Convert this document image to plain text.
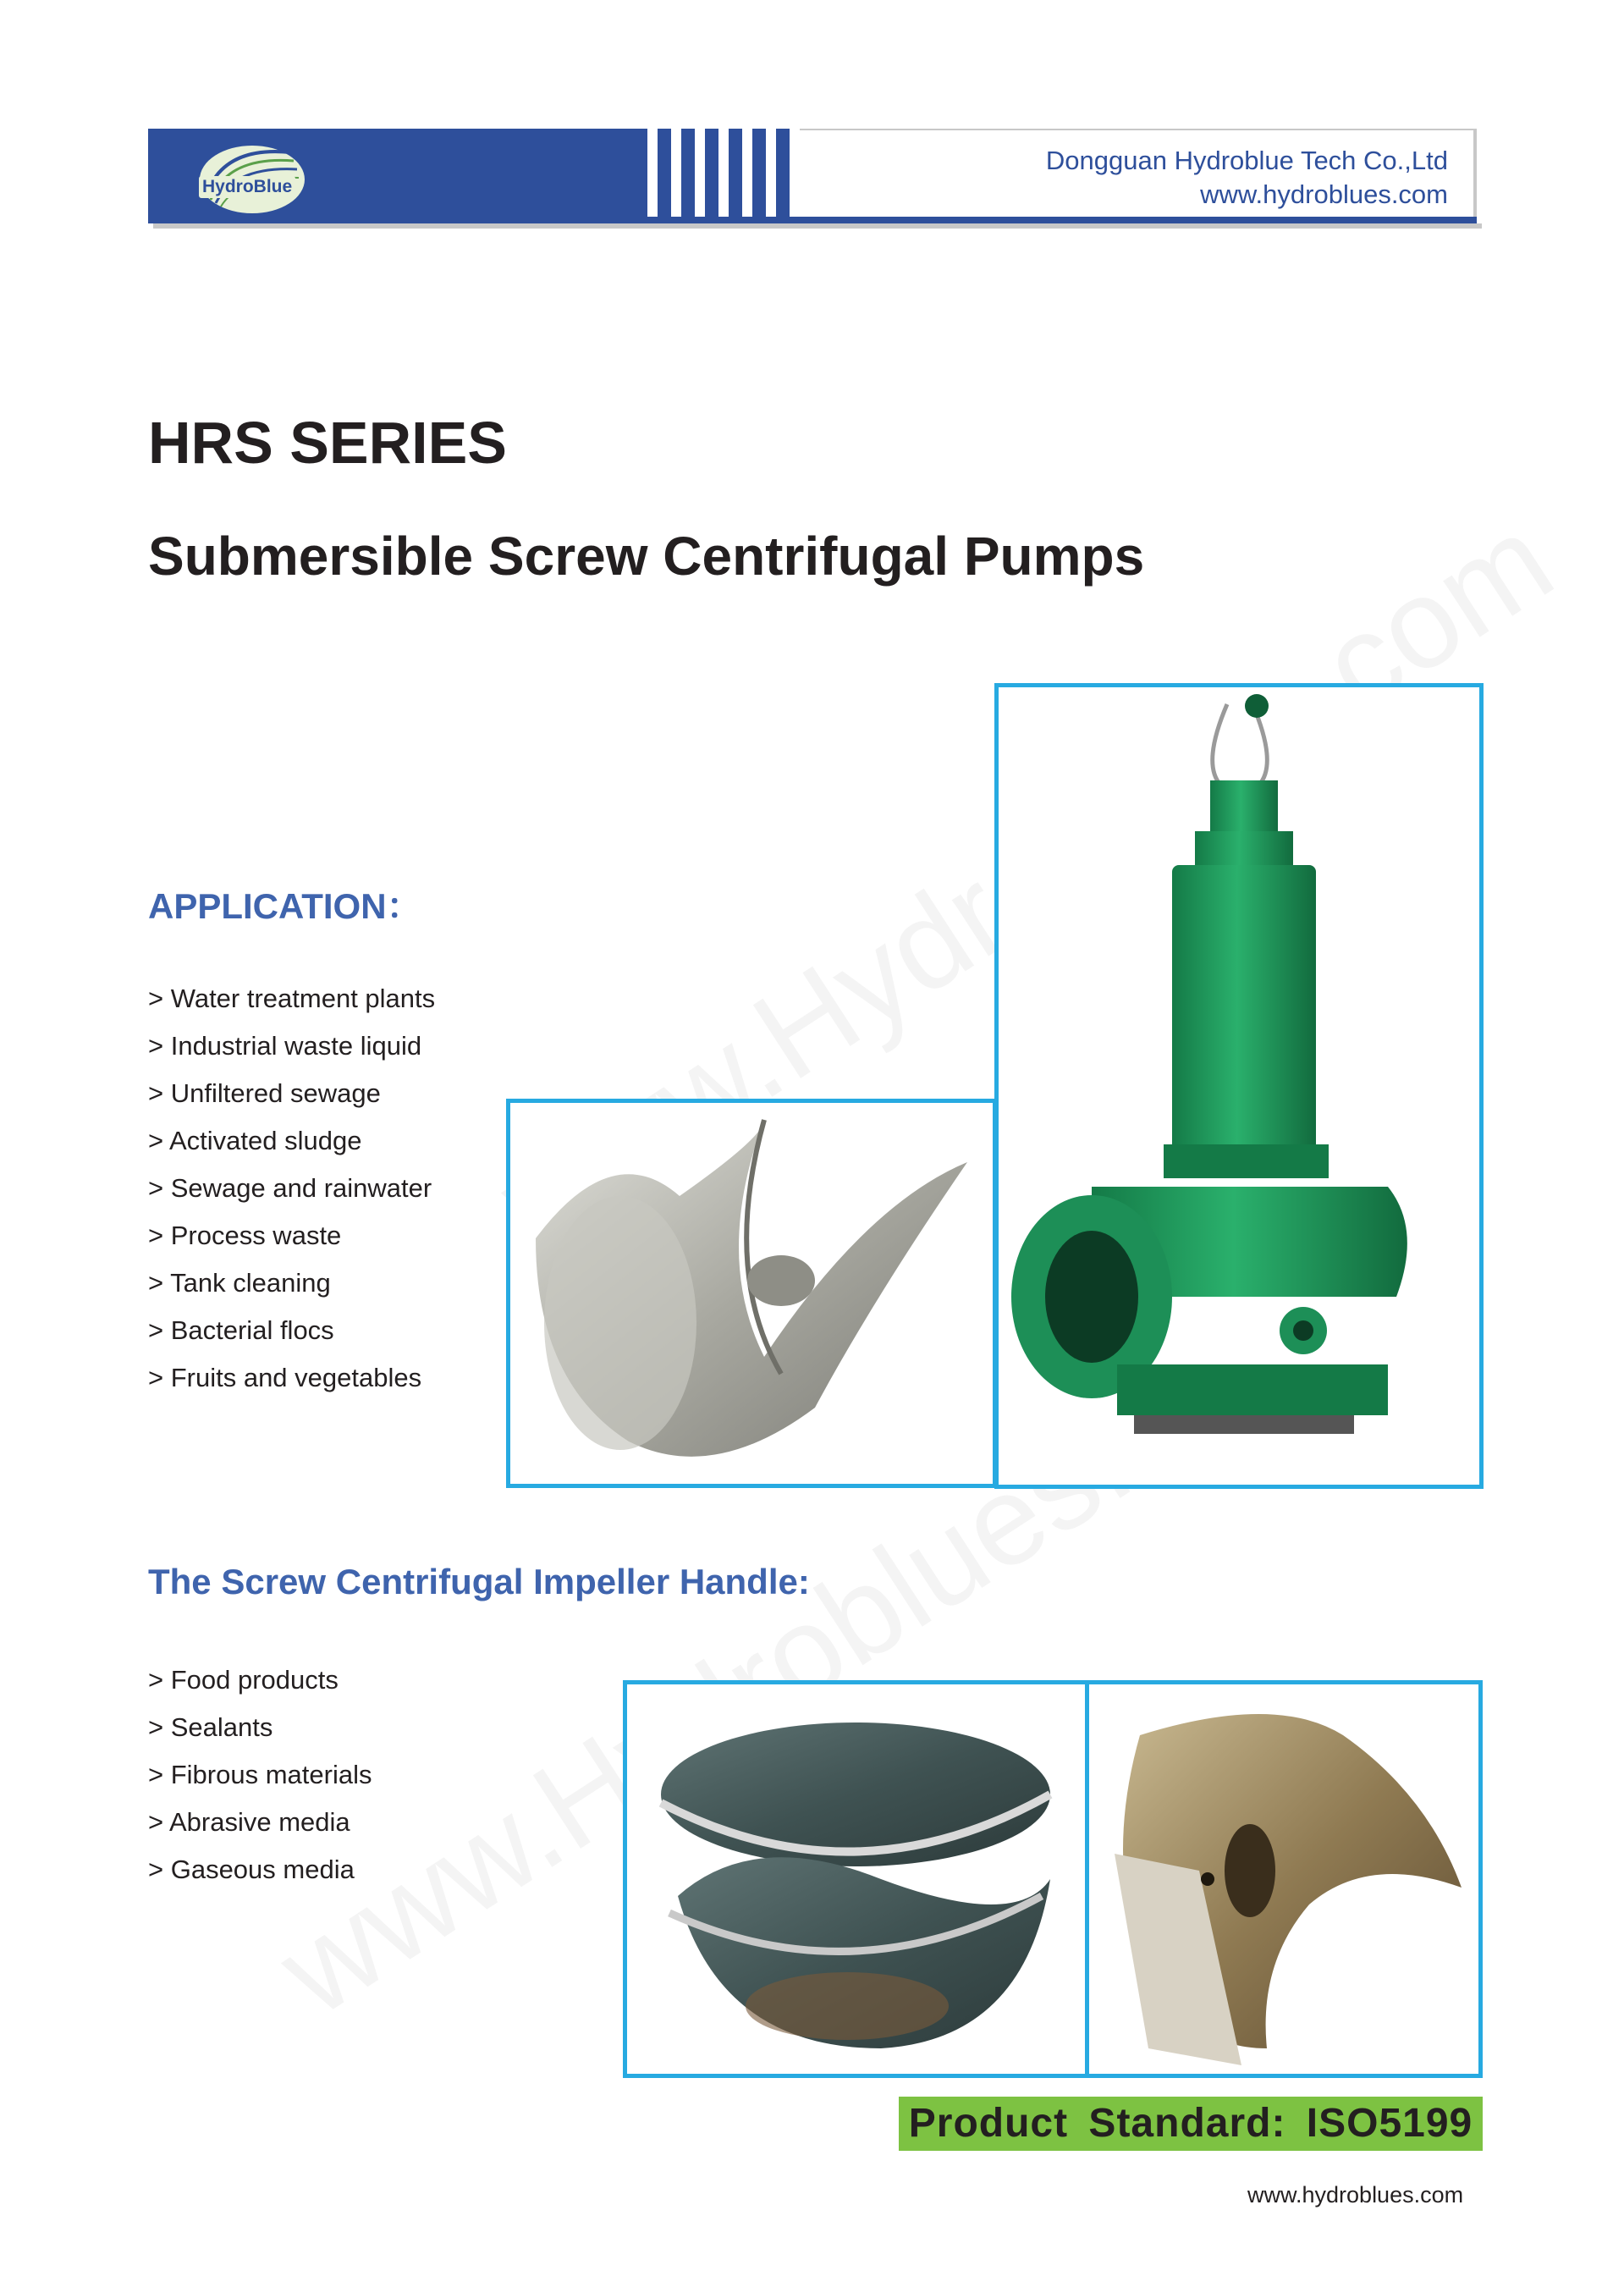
Dongguan Hydroblue Tech Co.,Ltd
www.hydroblues.com
HydroBlue
HRS SERIES
Submersible Screw Centrifugal Pumps
APPLICATION：
> Water treatment plants
> Industrial waste liquid
> Unfiltered sewage
> Activated sludge
> Sewage and rainwater
> Process waste
> Tank cleaning
> Bacterial flocs
> Fruits and vegetables
The Screw Centrifugal Impeller Handle:
> Food products
> Sealants
> Fibrous materials
> Abrasive media
> Gaseous media
Product Standard: ISO5199
www.hydroblues.com
